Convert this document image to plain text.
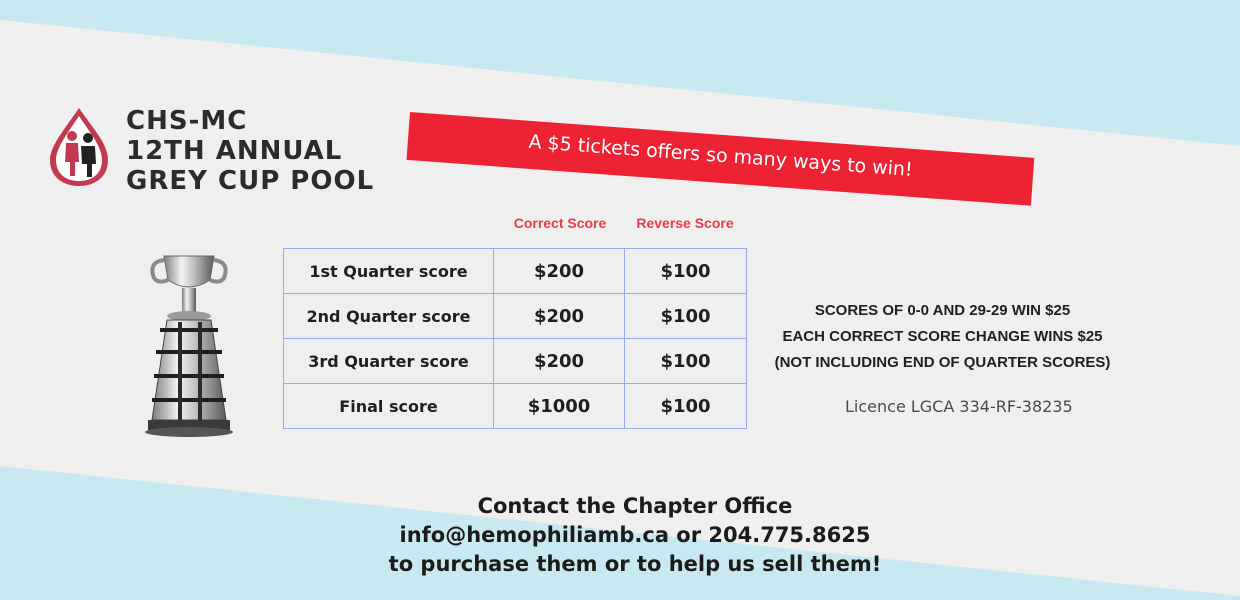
CHS-MC
12TH ANNUAL
GREY CUP POOL
A $5 tickets offers so many ways to win!
Correct Score	Reverse Score
1st Quarter score	$200	$100
2nd Quarter score	$200	$100
3rd Quarter score	$200	$100
Final score	$1000	$100
SCORES OF 0-0 AND 29-29 WIN $25
EACH CORRECT SCORE CHANGE WINS $25
(NOT INCLUDING END OF QUARTER SCORES)
Licence LGCA 334-RF-38235
Contact the Chapter Office
info@hemophiliamb.ca or 204.775.8625
to purchase them or to help us sell them!
